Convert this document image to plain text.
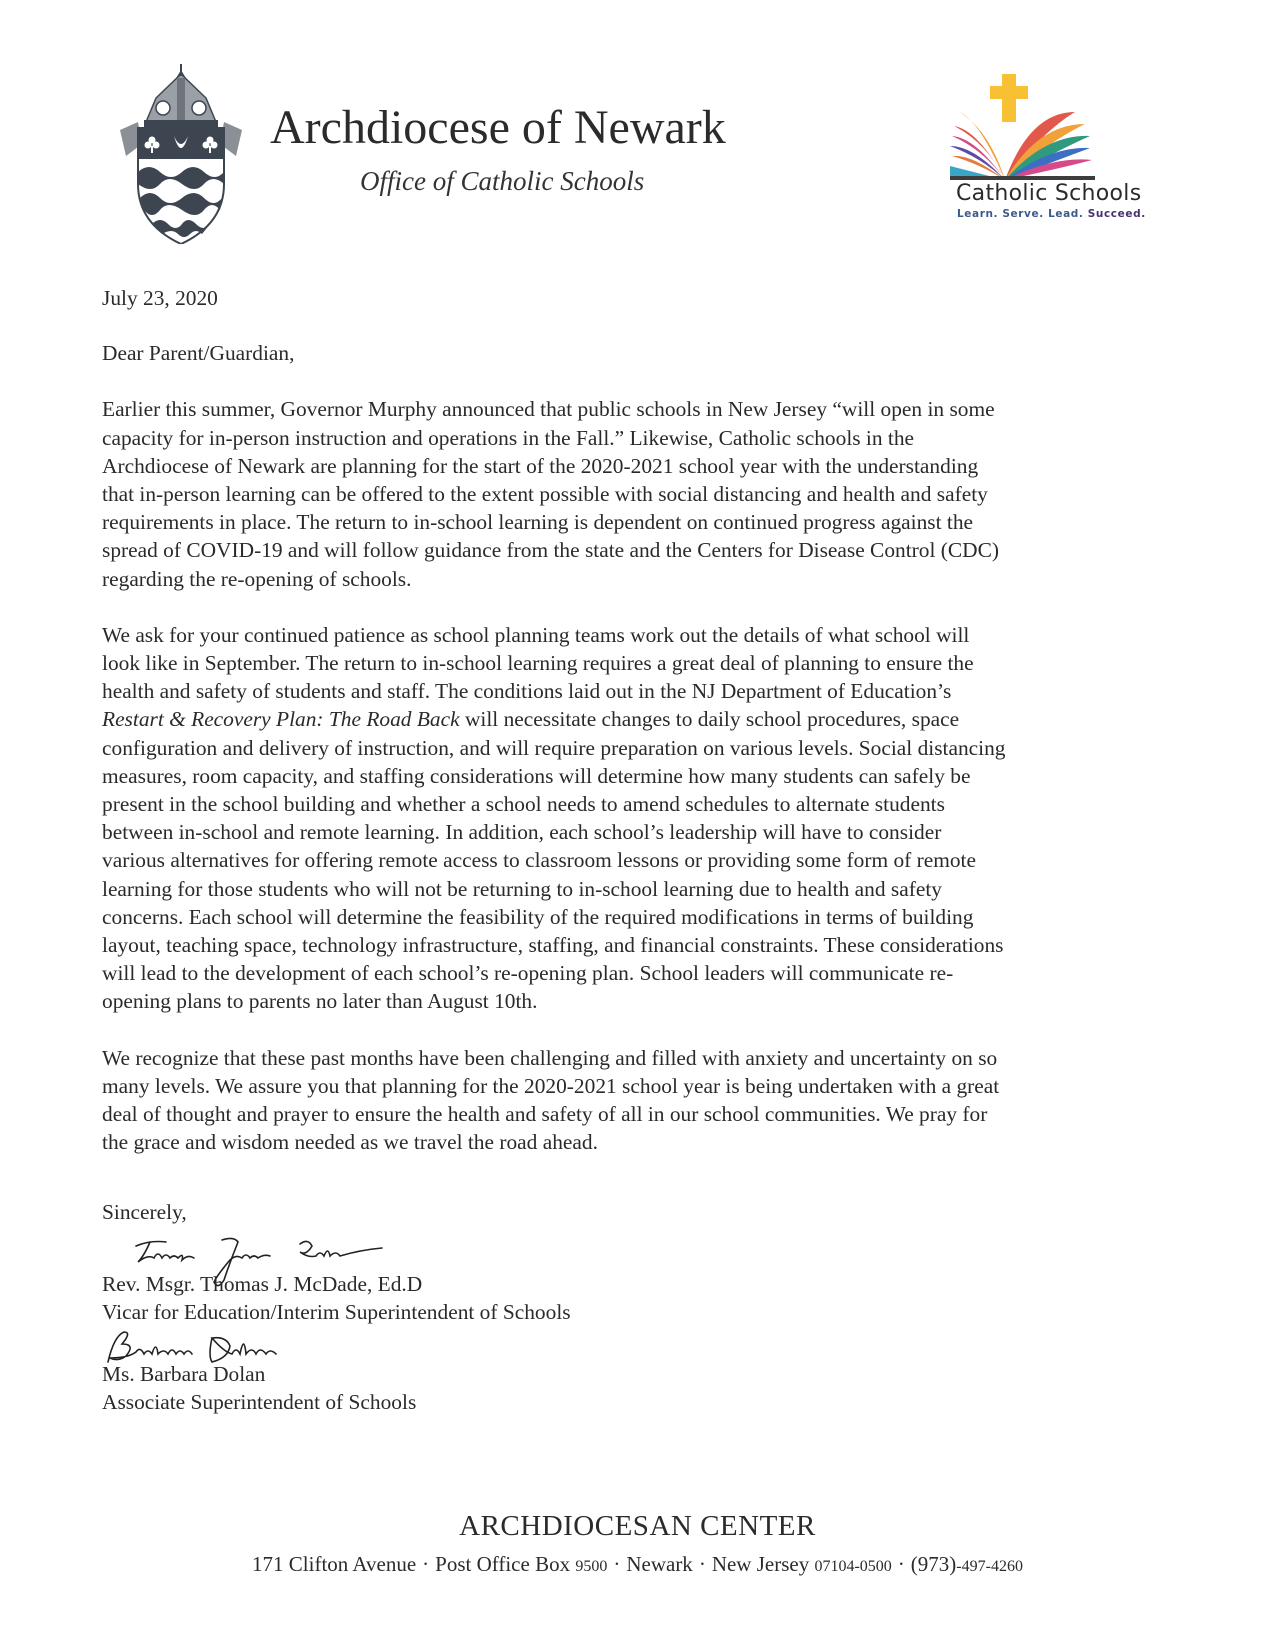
Archdiocese of Newark
Office of Catholic Schools	Catholic Schools
Learn. Serve. Lead. Succeed.

July 23, 2020

Dear Parent/Guardian,

Earlier this summer, Governor Murphy announced that public schools in New Jersey “will open in some
capacity for in-person instruction and operations in the Fall.” Likewise, Catholic schools in the
Archdiocese of Newark are planning for the start of the 2020-2021 school year with the understanding
that in-person learning can be offered to the extent possible with social distancing and health and safety
requirements in place. The return to in-school learning is dependent on continued progress against the
spread of COVID-19 and will follow guidance from the state and the Centers for Disease Control (CDC)
regarding the re-opening of schools.

We ask for your continued patience as school planning teams work out the details of what school will
look like in September. The return to in-school learning requires a great deal of planning to ensure the
health and safety of students and staff. The conditions laid out in the NJ Department of Education’s
Restart & Recovery Plan: The Road Back will necessitate changes to daily school procedures, space
configuration and delivery of instruction, and will require preparation on various levels. Social distancing
measures, room capacity, and staffing considerations will determine how many students can safely be
present in the school building and whether a school needs to amend schedules to alternate students
between in-school and remote learning. In addition, each school’s leadership will have to consider
various alternatives for offering remote access to classroom lessons or providing some form of remote
learning for those students who will not be returning to in-school learning due to health and safety
concerns. Each school will determine the feasibility of the required modifications in terms of building
layout, teaching space, technology infrastructure, staffing, and financial constraints. These considerations
will lead to the development of each school’s re-opening plan. School leaders will communicate re-
opening plans to parents no later than August 10th.

We recognize that these past months have been challenging and filled with anxiety and uncertainty on so
many levels. We assure you that planning for the 2020-2021 school year is being undertaken with a great
deal of thought and prayer to ensure the health and safety of all in our school communities. We pray for
the grace and wisdom needed as we travel the road ahead.

Sincerely,
Rev. Msgr. Thomas J. McDade, Ed.D
Vicar for Education/Interim Superintendent of Schools
Ms. Barbara Dolan
Associate Superintendent of Schools
ARCHDIOCESAN CENTER
171 Clifton Avenue · Post Office Box 9500 · Newark · New Jersey 07104-0500 · (973)-497-4260
